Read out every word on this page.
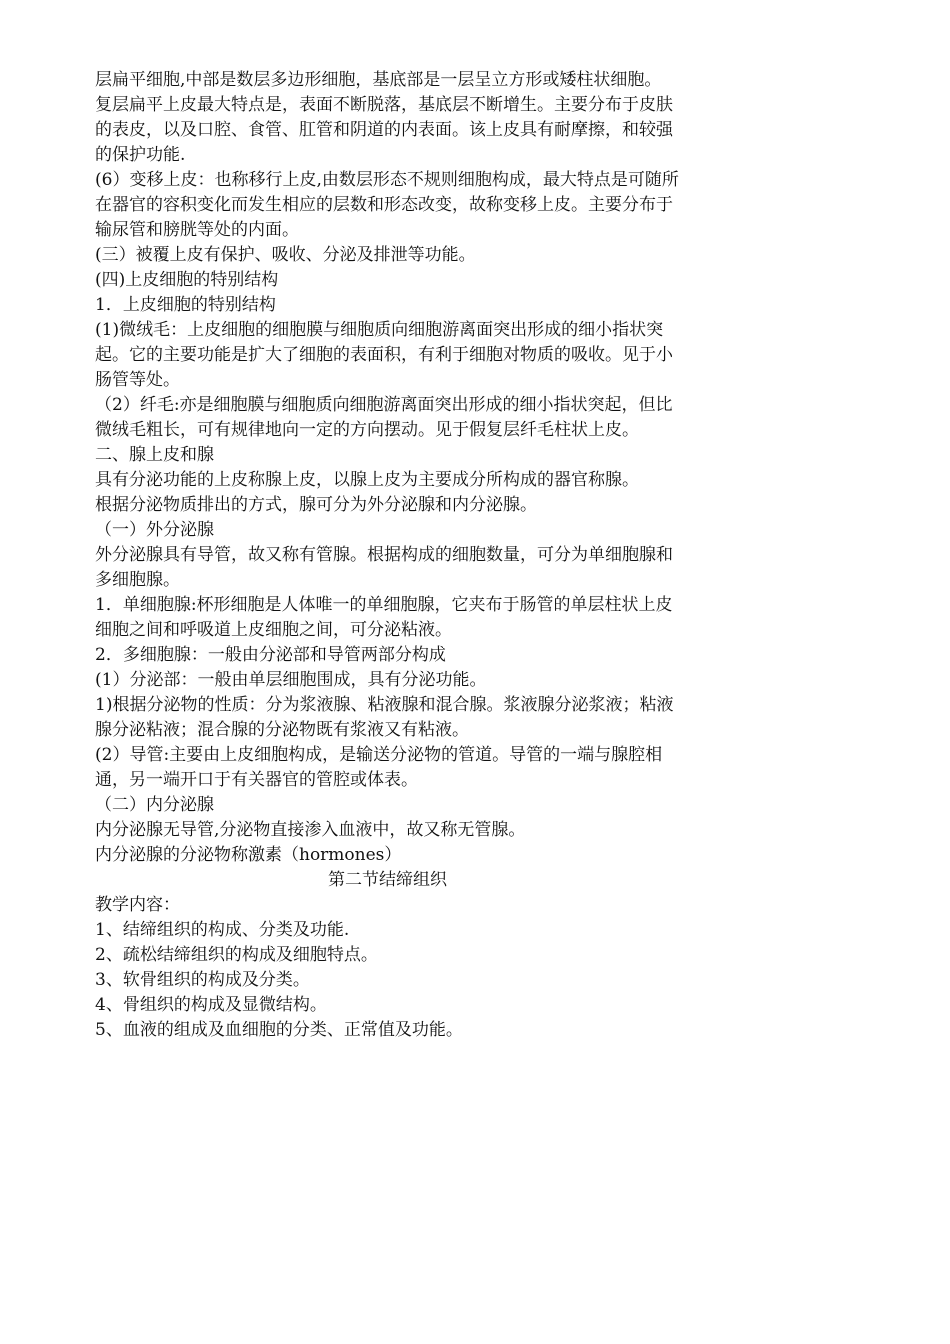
层扁平细胞,中部是数层多边形细胞，基底部是一层呈立方形或矮柱状细胞。

复层扁平上皮最大特点是，表面不断脱落，基底层不断增生。主要分布于皮肤的表皮，以及口腔、食管、肛管和阴道的内表面。该上皮具有耐摩擦，和较强的保护功能.

(6）变移上皮：也称移行上皮,由数层形态不规则细胞构成，最大特点是可随所在器官的容积变化而发生相应的层数和形态改变，故称变移上皮。主要分布于输尿管和膀胱等处的内面。

(三）被覆上皮有保护、吸收、分泌及排泄等功能。

(四)上皮细胞的特别结构

1．上皮细胞的特别结构

(1)微绒毛：上皮细胞的细胞膜与细胞质向细胞游离面突出形成的细小指状突起。它的主要功能是扩大了细胞的表面积，有利于细胞对物质的吸收。见于小肠管等处。

（2）纤毛:亦是细胞膜与细胞质向细胞游离面突出形成的细小指状突起，但比微绒毛粗长，可有规律地向一定的方向摆动。见于假复层纤毛柱状上皮。

二、腺上皮和腺

具有分泌功能的上皮称腺上皮，以腺上皮为主要成分所构成的器官称腺。

根据分泌物质排出的方式，腺可分为外分泌腺和内分泌腺。

（一）外分泌腺

外分泌腺具有导管，故又称有管腺。根据构成的细胞数量，可分为单细胞腺和多细胞腺。

1．单细胞腺:杯形细胞是人体唯一的单细胞腺，它夹布于肠管的单层柱状上皮细胞之间和呼吸道上皮细胞之间，可分泌粘液。

2．多细胞腺：一般由分泌部和导管两部分构成

(1）分泌部：一般由单层细胞围成，具有分泌功能。

1)根据分泌物的性质：分为浆液腺、粘液腺和混合腺。浆液腺分泌浆液；粘液腺分泌粘液；混合腺的分泌物既有浆液又有粘液。

(2）导管:主要由上皮细胞构成，是输送分泌物的管道。导管的一端与腺腔相通，另一端开口于有关器官的管腔或体表。

（二）内分泌腺

内分泌腺无导管,分泌物直接渗入血液中，故又称无管腺。

内分泌腺的分泌物称激素（hormones）

第二节结缔组织

教学内容：

1、结缔组织的构成、分类及功能.

2、疏松结缔组织的构成及细胞特点。

3、软骨组织的构成及分类。

4、骨组织的构成及显微结构。

5、血液的组成及血细胞的分类、正常值及功能。
